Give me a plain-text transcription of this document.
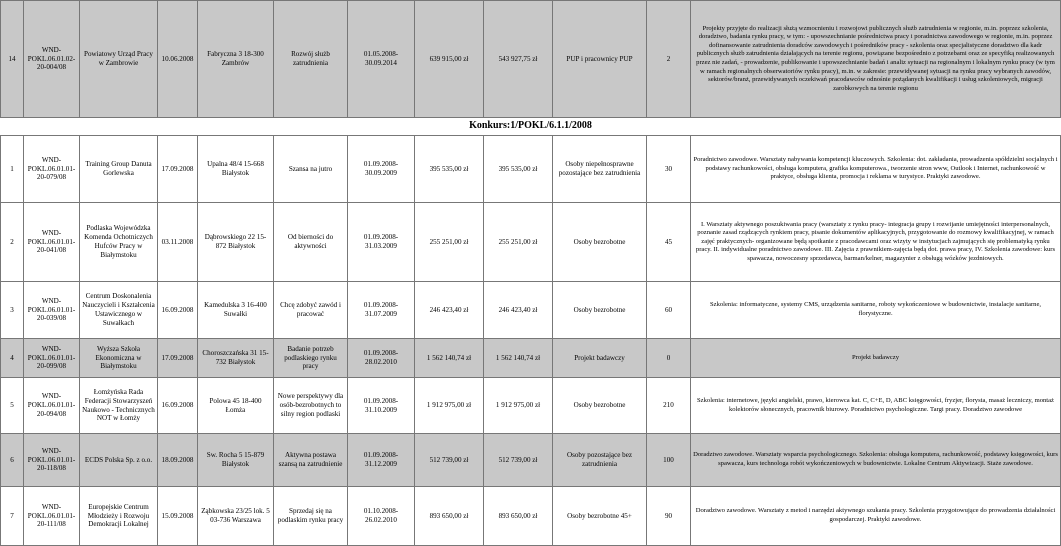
14	WND-POKL.06.01.02-20-004/08	Powiatowy Urząd Pracy w Zambrowie	10.06.2008	Fabryczna 3 18-300 Zambrów	Rozwój służb zatrudnienia	01.05.2008-30.09.2014	639 915,00 zł	543 927,75 zł	PUP i pracownicy PUP	2	Projekty przyjęte do realizacji służą wzmocnieniu i rozwojowi publicznych służb zatrudnienia w regionie, m.in. poprzez szkolenia, doradztwo, badania rynku pracy, w tym: - upowszechnianie pośrednictwa pracy i poradnictwa zawodowego w regionie, m.in. poprzez dofinansowanie zatrudnienia doradców zawodowych i pośredników pracy - szkolenia oraz specjalistyczne doradztwo dla kadr publicznych służb zatrudnienia działających na terenie regionu, powiązane bezpośrednio z potrzebami oraz ze specyfiką realizowanych przez nie zadań, - prowadzenie, publikowanie i upowszechnianie badań i analiz sytuacji na regionalnym i lokalnym rynku pracy (w tym w ramach regionalnych obserwatoriów rynku pracy), m.in. w zakresie: przewidywanej sytuacji na rynku pracy wybranych zawodów, sektorów/branż, przewidywanych oczekiwań pracodawców odnośnie pożądanych kwalifikacji i usług szkoleniowych, migracji zarobkowych na terenie regionu
Konkurs:1/POKL/6.1.1/2008											
1	WND-POKL.06.01.01-20-079/08	Training Group Danuta Gorlewska	17.09.2008	Upalna 48/4 15-668 Białystok	Szansa na jutro	01.09.2008-30.09.2009	395 535,00 zł	395 535,00 zł	Osoby niepełnosprawne pozostające bez zatrudnienia	30	Poradnictwo zawodowe. Warsztaty nabywania kompetencji kluczowych. Szkolenia: dot. zakładania, prowadzenia spółdzielni socjalnych i podstawy rachunkowości, obsługa komputera, grafika komputerowa., tworzenie stron www, Outlook i Internet, rachunkowość w praktyce, obsługa klienta, promocja i reklama w turystyce. Praktyki zawodowe.
2	WND-POKL.06.01.01-20-041/08	Podlaska Wojewódzka Komenda Ochotniczych Hufców Pracy w Białymstoku	03.11.2008	Dąbrowskiego 22 15-872 Białystok	Od bierności do aktywności	01.09.2008-31.03.2009	255 251,00 zł	255 251,00 zł	Osoby bezrobotne	45	I. Warsztaty aktywnego poszukiwania pracy (warsztaty z rynku pracy- integracja grupy i rozwijanie umiejętności interpersonalnych, poznanie zasad rządzących rynkiem pracy, pisanie dokumentów aplikacyjnych, przygotowanie do rozmowy kwalifikacyjnej, w ramach zajęć praktycznych- organizowane będą spotkanie z pracodawcami oraz wizyty w instytucjach zajmujących się problematyką rynku pracy. II. indywidualne poradnictwo zawodowe. III. Zajęcia z prawnikiem-zajęcia będą dot. prawa pracy, IV. Szkolenia zawodowe: kurs spawacza, nowoczesny sprzedawca, barman/kelner, magazynier z obsługą wózków jezdniowych.
3	WND-POKL.06.01.01-20-039/08	Centrum Doskonalenia Nauczycieli i Kształcenia Ustawicznego w Suwałkach	16.09.2008	Kamedulska 3 16-400 Suwałki	Chcę zdobyć zawód i pracować	01.09.2008-31.07.2009	246 423,40 zł	246 423,40 zł	Osoby bezrobotne	60	Szkolenia: informatyczne, systemy CMS, urządzenia sanitarne, roboty wykończeniowe w budownictwie, instalacje sanitarne, florystyczne.
4	WND-POKL.06.01.01-20-099/08	Wyższa Szkoła Ekonomiczna w Białymstoku	17.09.2008	Choroszczańska 31 15-732 Białystok	Badanie potrzeb podlaskiego rynku pracy	01.09.2008-28.02.2010	1 562 140,74 zł	1 562 140,74 zł	Projekt badawczy	0	Projekt badawczy
5	WND-POKL.06.01.01-20-094/08	Łomżyńska Rada Federacji Stowarzyszeń Naukowo - Technicznych NOT w Łomży	16.09.2008	Polowa 45 18-400 Łomża	Nowe perspektywy dla osób-bezrobotnych to silny region podlaski	01.09.2008-31.10.2009	1 912 975,00 zł	1 912 975,00 zł	Osoby bezrobotne	210	Szkolenia: internetowe, języki angielski, prawo, kierowca kat. C, C+E, D, ABC księgowości, fryzjer, florysta, masaż leczniczy, montaż kolektorów słonecznych, pracownik biurowy. Poradnictwo psychologiczne. Targi pracy. Doradztwo zawodowe
6	WND-POKL.06.01.01-20-118/08	ECDS Polska Sp. z o.o.	18.09.2008	Sw. Rocha 5 15-879 Białystok	Aktywna postawa szansą na zatrudnienie	01.09.2008-31.12.2009	512 739,00 zł	512 739,00 zł	Osoby pozostające bez zatrudnienia	100	Doradztwo zawodowe. Warsztaty wsparcia psychologicznego. Szkolenia: obsługa komputera, rachunkowość, podstawy księgowości, kurs spawacza, kurs technologa robót wykończeniowych w budownictwie. Lokalne Centrum Aktywizacji. Staże zawodowe.
7	WND-POKL.06.01.01-20-111/08	Europejskie Centrum Młodzieży i Rozwoju Demokracji Lokalnej	15.09.2008	Ząbkowska 23/25 lok. 5 03-736 Warszawa	Sprzedaj się na podlaskim rynku pracy	01.10.2008-26.02.2010	893 650,00 zł	893 650,00 zł	Osoby bezrobotne 45+	90	Doradztwo zawodowe. Warsztaty z metod i narzędzi aktywnego szukania pracy. Szkolenia przygotowujące do prowadzenia działalności gospodarczej. Praktyki zawodowe.
